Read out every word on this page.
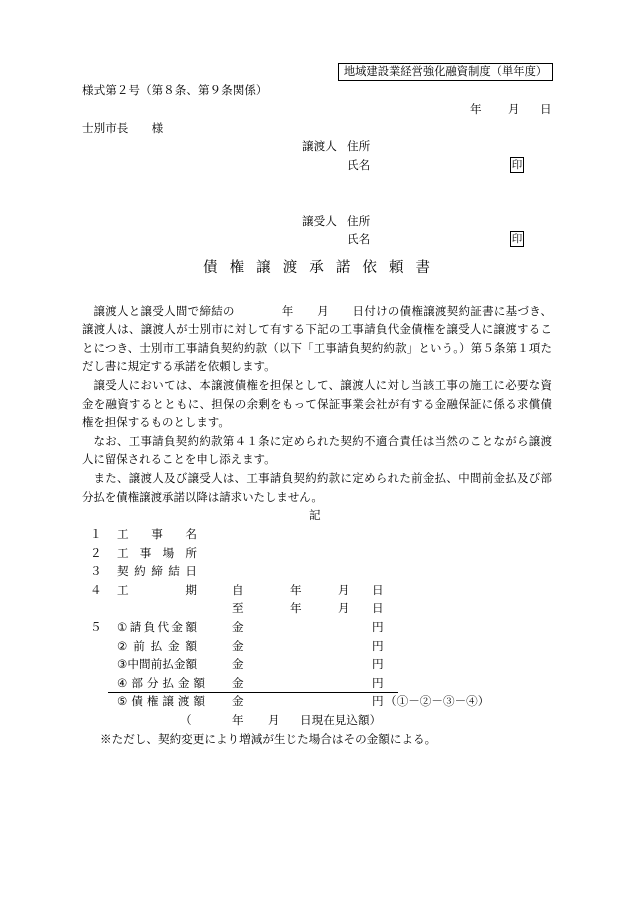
地域建設業経営強化融資制度（単年度）
様式第２号（第８条、第９条関係）
年 月 日
士別市長　　様
譲渡人 住所
氏名	印
譲受人 住所
氏名	印
債 権 譲 渡 承 諾 依 頼 書

譲渡人と譲受人間で締結の　　　　年　　月　　日付けの債権譲渡契約証書に基づき、
譲渡人は、譲渡人が士別市に対して有する下記の工事請負代金債権を譲受人に譲渡するこ
とにつき、士別市工事請負契約約款（以下「工事請負契約約款」という。）第５条第１項た
だし書に規定する承諾を依頼します。

譲受人においては、本譲渡債権を担保として、譲渡人に対し当該工事の施工に必要な資
金を融資するとともに、担保の余剰をもって保証事業会社が有する金融保証に係る求償債
権を担保するものとします。

なお、工事請負契約約款第４１条に定められた契約不適合責任は当然のことながら譲渡
人に留保されることを申し添えます。

また、譲渡人及び譲受人は、工事請負契約約款に定められた前金払、中間前金払及び部
分払を債権譲渡承諾以降は請求いたしません。

記
１ 工 事 名
２ 工 事 場 所
３ 契 約 締 結 日
４ 工	期	自	年	月 日
至	年	月 日
５ ① 請 負 代 金 額	金	円
② 前 払 金 額	金	円
③ 中 間 前 払 金 額	金	円
④ 部 分 払 金 額 金	円
⑤ 債 権 譲 渡 額 金	円 （①－②－③－④）
（	年 月 日現在見込額）
※ただし、契約変更により増減が生じた場合はその金額による。
